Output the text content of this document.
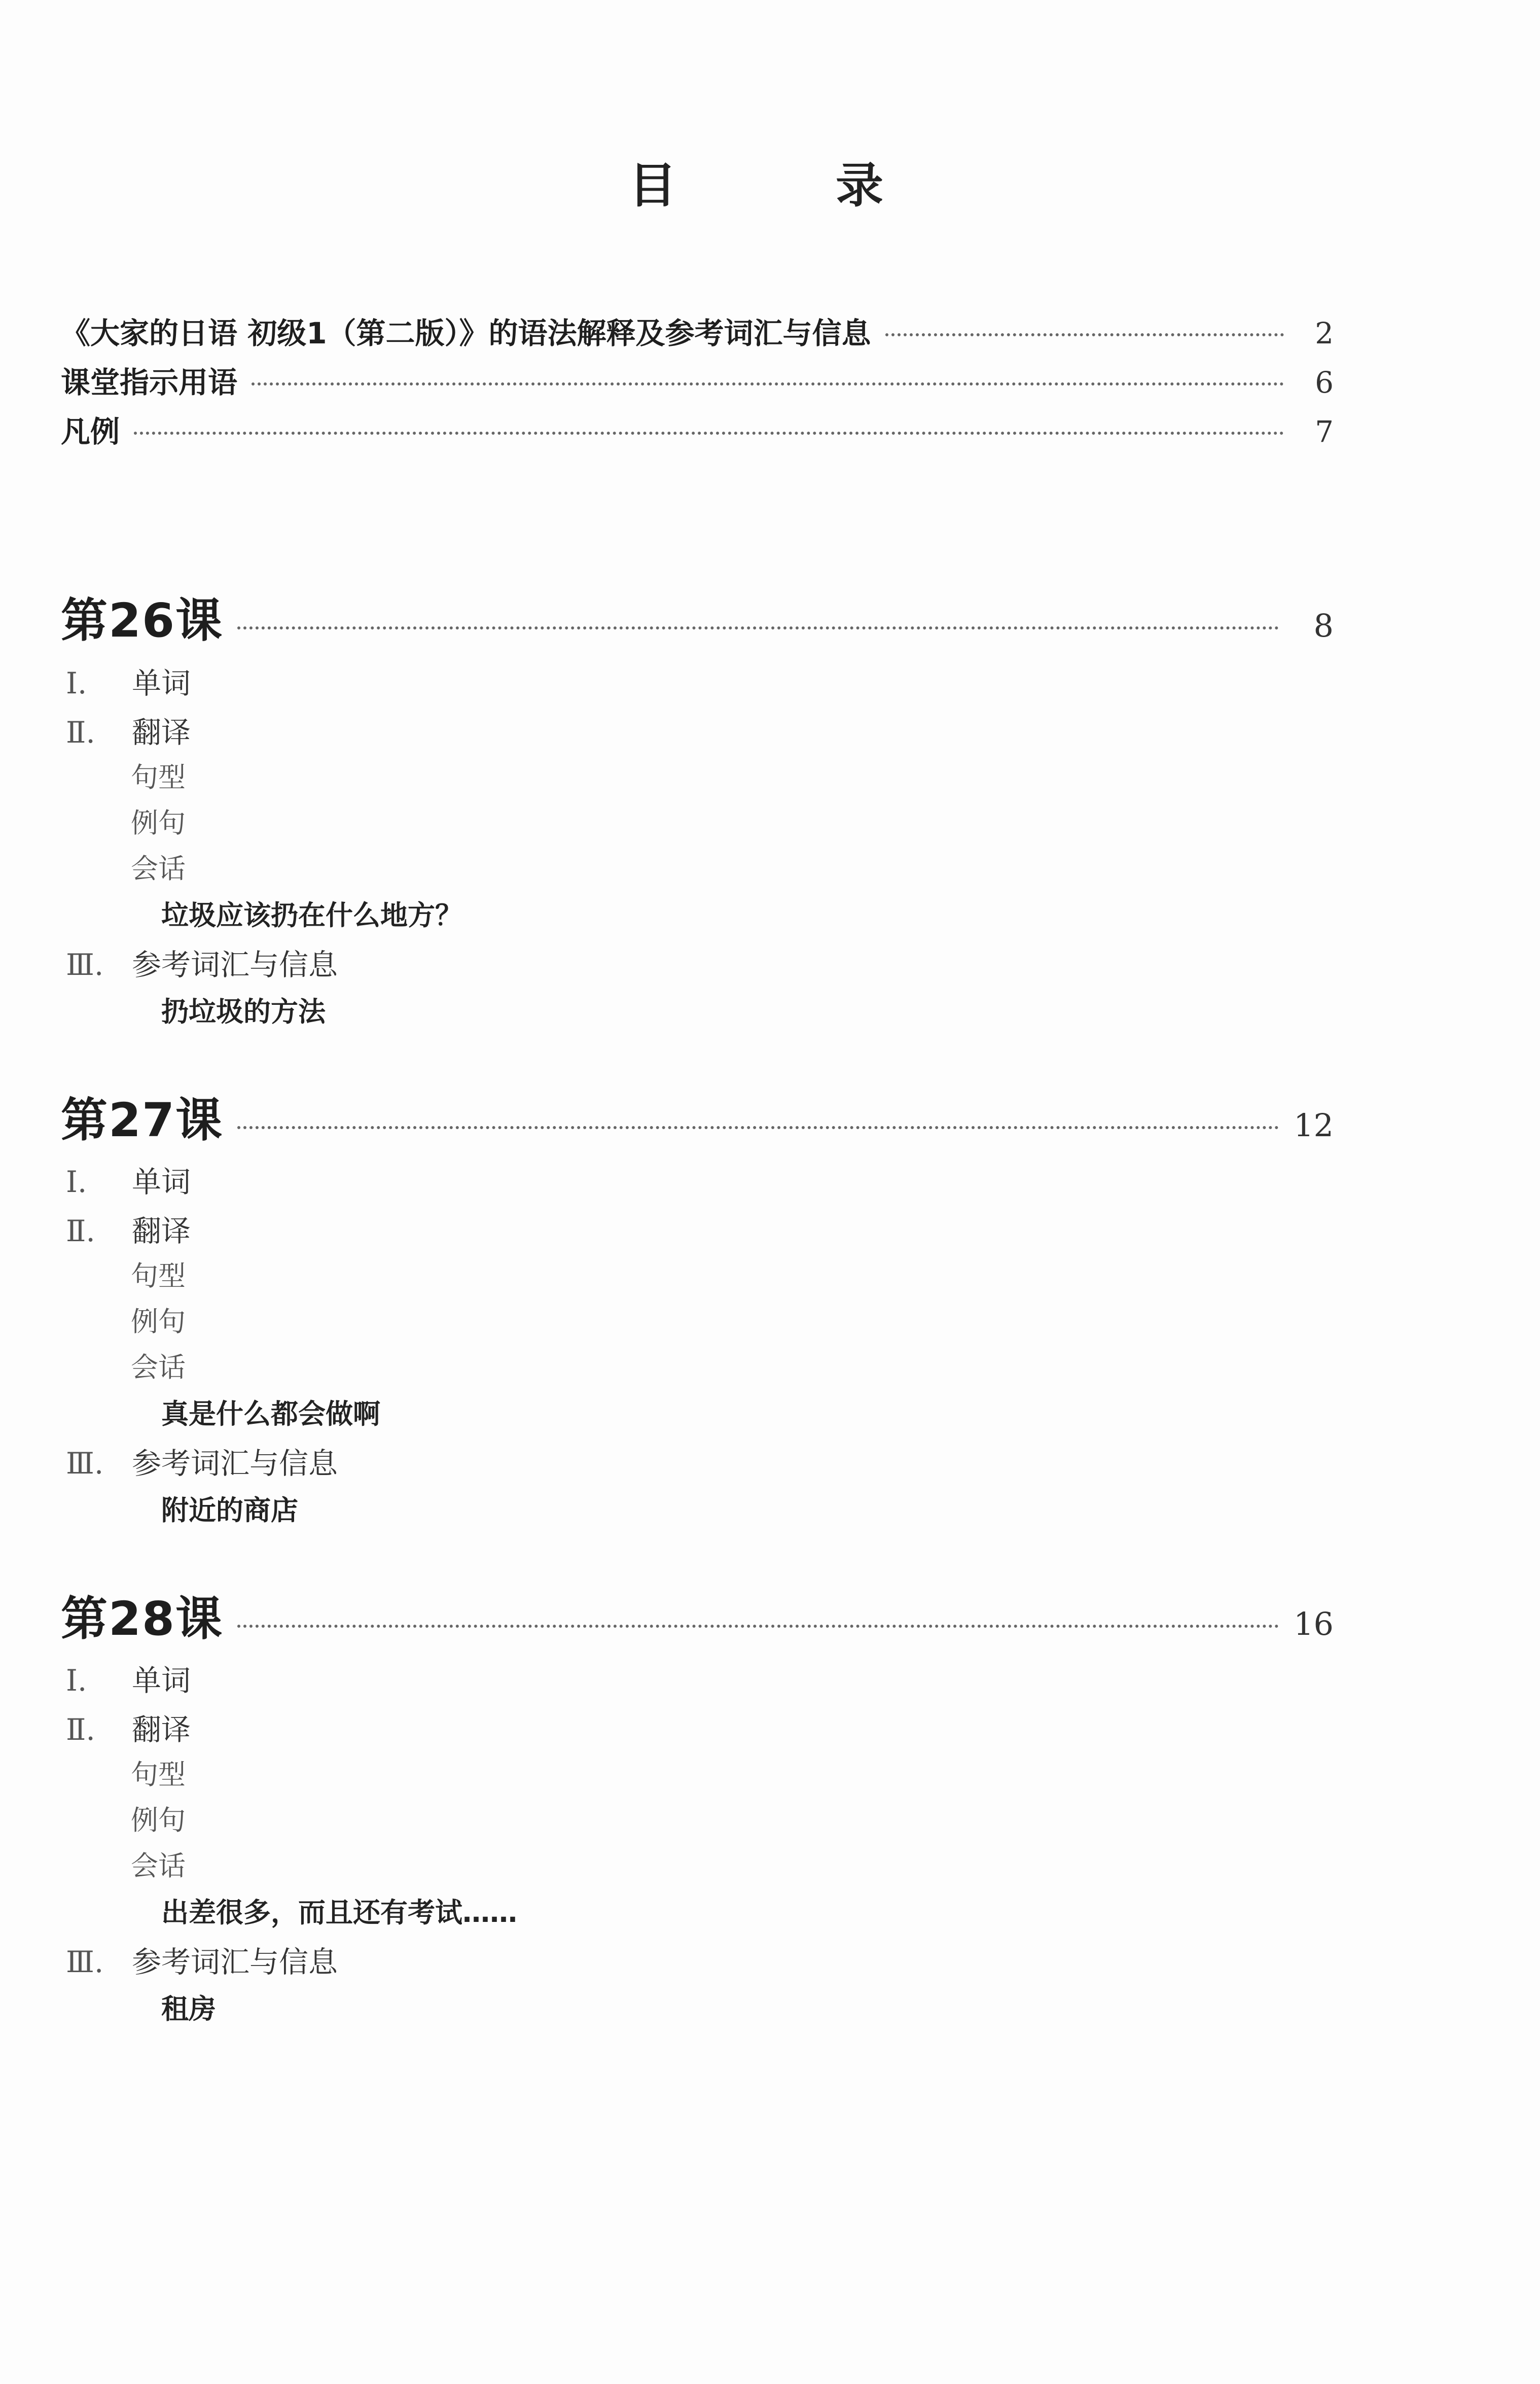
目　录
《大家的日语 初级1（第二版）》的语法解释及参考词汇与信息	2
课堂指示用语	6
凡例	7
第26课	8
Ⅰ. 单词
Ⅱ. 翻译
句型
例句
会话
垃圾应该扔在什么地方？
Ⅲ. 参考词汇与信息
扔垃圾的方法
第27课	12
Ⅰ. 单词
Ⅱ. 翻译
句型
例句
会话
真是什么都会做啊
Ⅲ. 参考词汇与信息
附近的商店
第28课	16
Ⅰ. 单词
Ⅱ. 翻译
句型
例句
会话
出差很多，而且还有考试……
Ⅲ. 参考词汇与信息
租房
